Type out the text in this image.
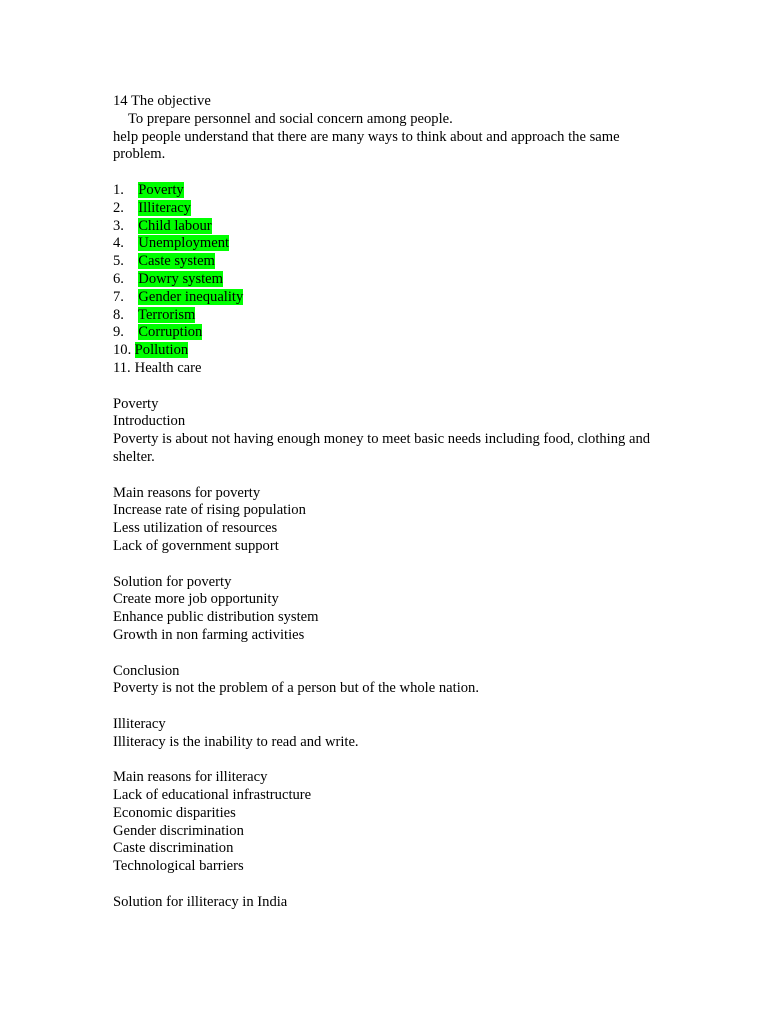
14 The objective

To prepare personnel and social concern among people.

help people understand that there are many ways to think about and approach the same problem.

1. Poverty

2. Illiteracy

3. Child labour

4. Unemployment

5. Caste system

6. Dowry system

7. Gender inequality

8. Terrorism

9. Corruption

10. Pollution

11. Health care

Poverty

Introduction

Poverty is about not having enough money to meet basic needs including food, clothing and shelter.

Main reasons for poverty

Increase rate of rising population

Less utilization of resources

Lack of government support

Solution for poverty

Create more job opportunity

Enhance public distribution system

Growth in non farming activities

Conclusion

Poverty is not the problem of a person but of the whole nation.

Illiteracy

Illiteracy is the inability to read and write.

Main reasons for illiteracy

Lack of educational infrastructure

Economic disparities

Gender discrimination

Caste discrimination

Technological barriers

Solution for illiteracy in India
